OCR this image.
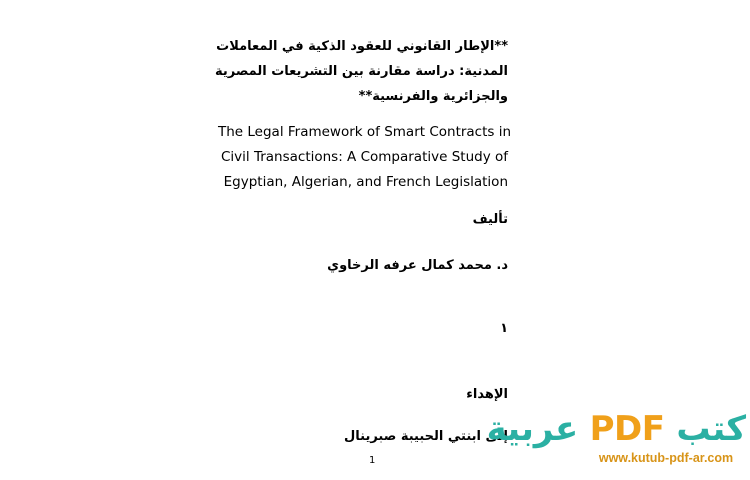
**الإطار القانوني للعقود الذكية في المعاملات
المدنية: دراسة مقارنة بين التشريعات المصرية
والجزائرية والفرنسية**
The Legal Framework of Smart Contracts in
Civil Transactions: A Comparative Study of
Egyptian, Algerian, and French Legislation
تأليف
د. محمد كمال عرفه الرخاوي
١
الإهداء
إلى ابنتي الحبيبة صبرينال
1
كتب PDF عربية
www.kutub-pdf-ar.com
